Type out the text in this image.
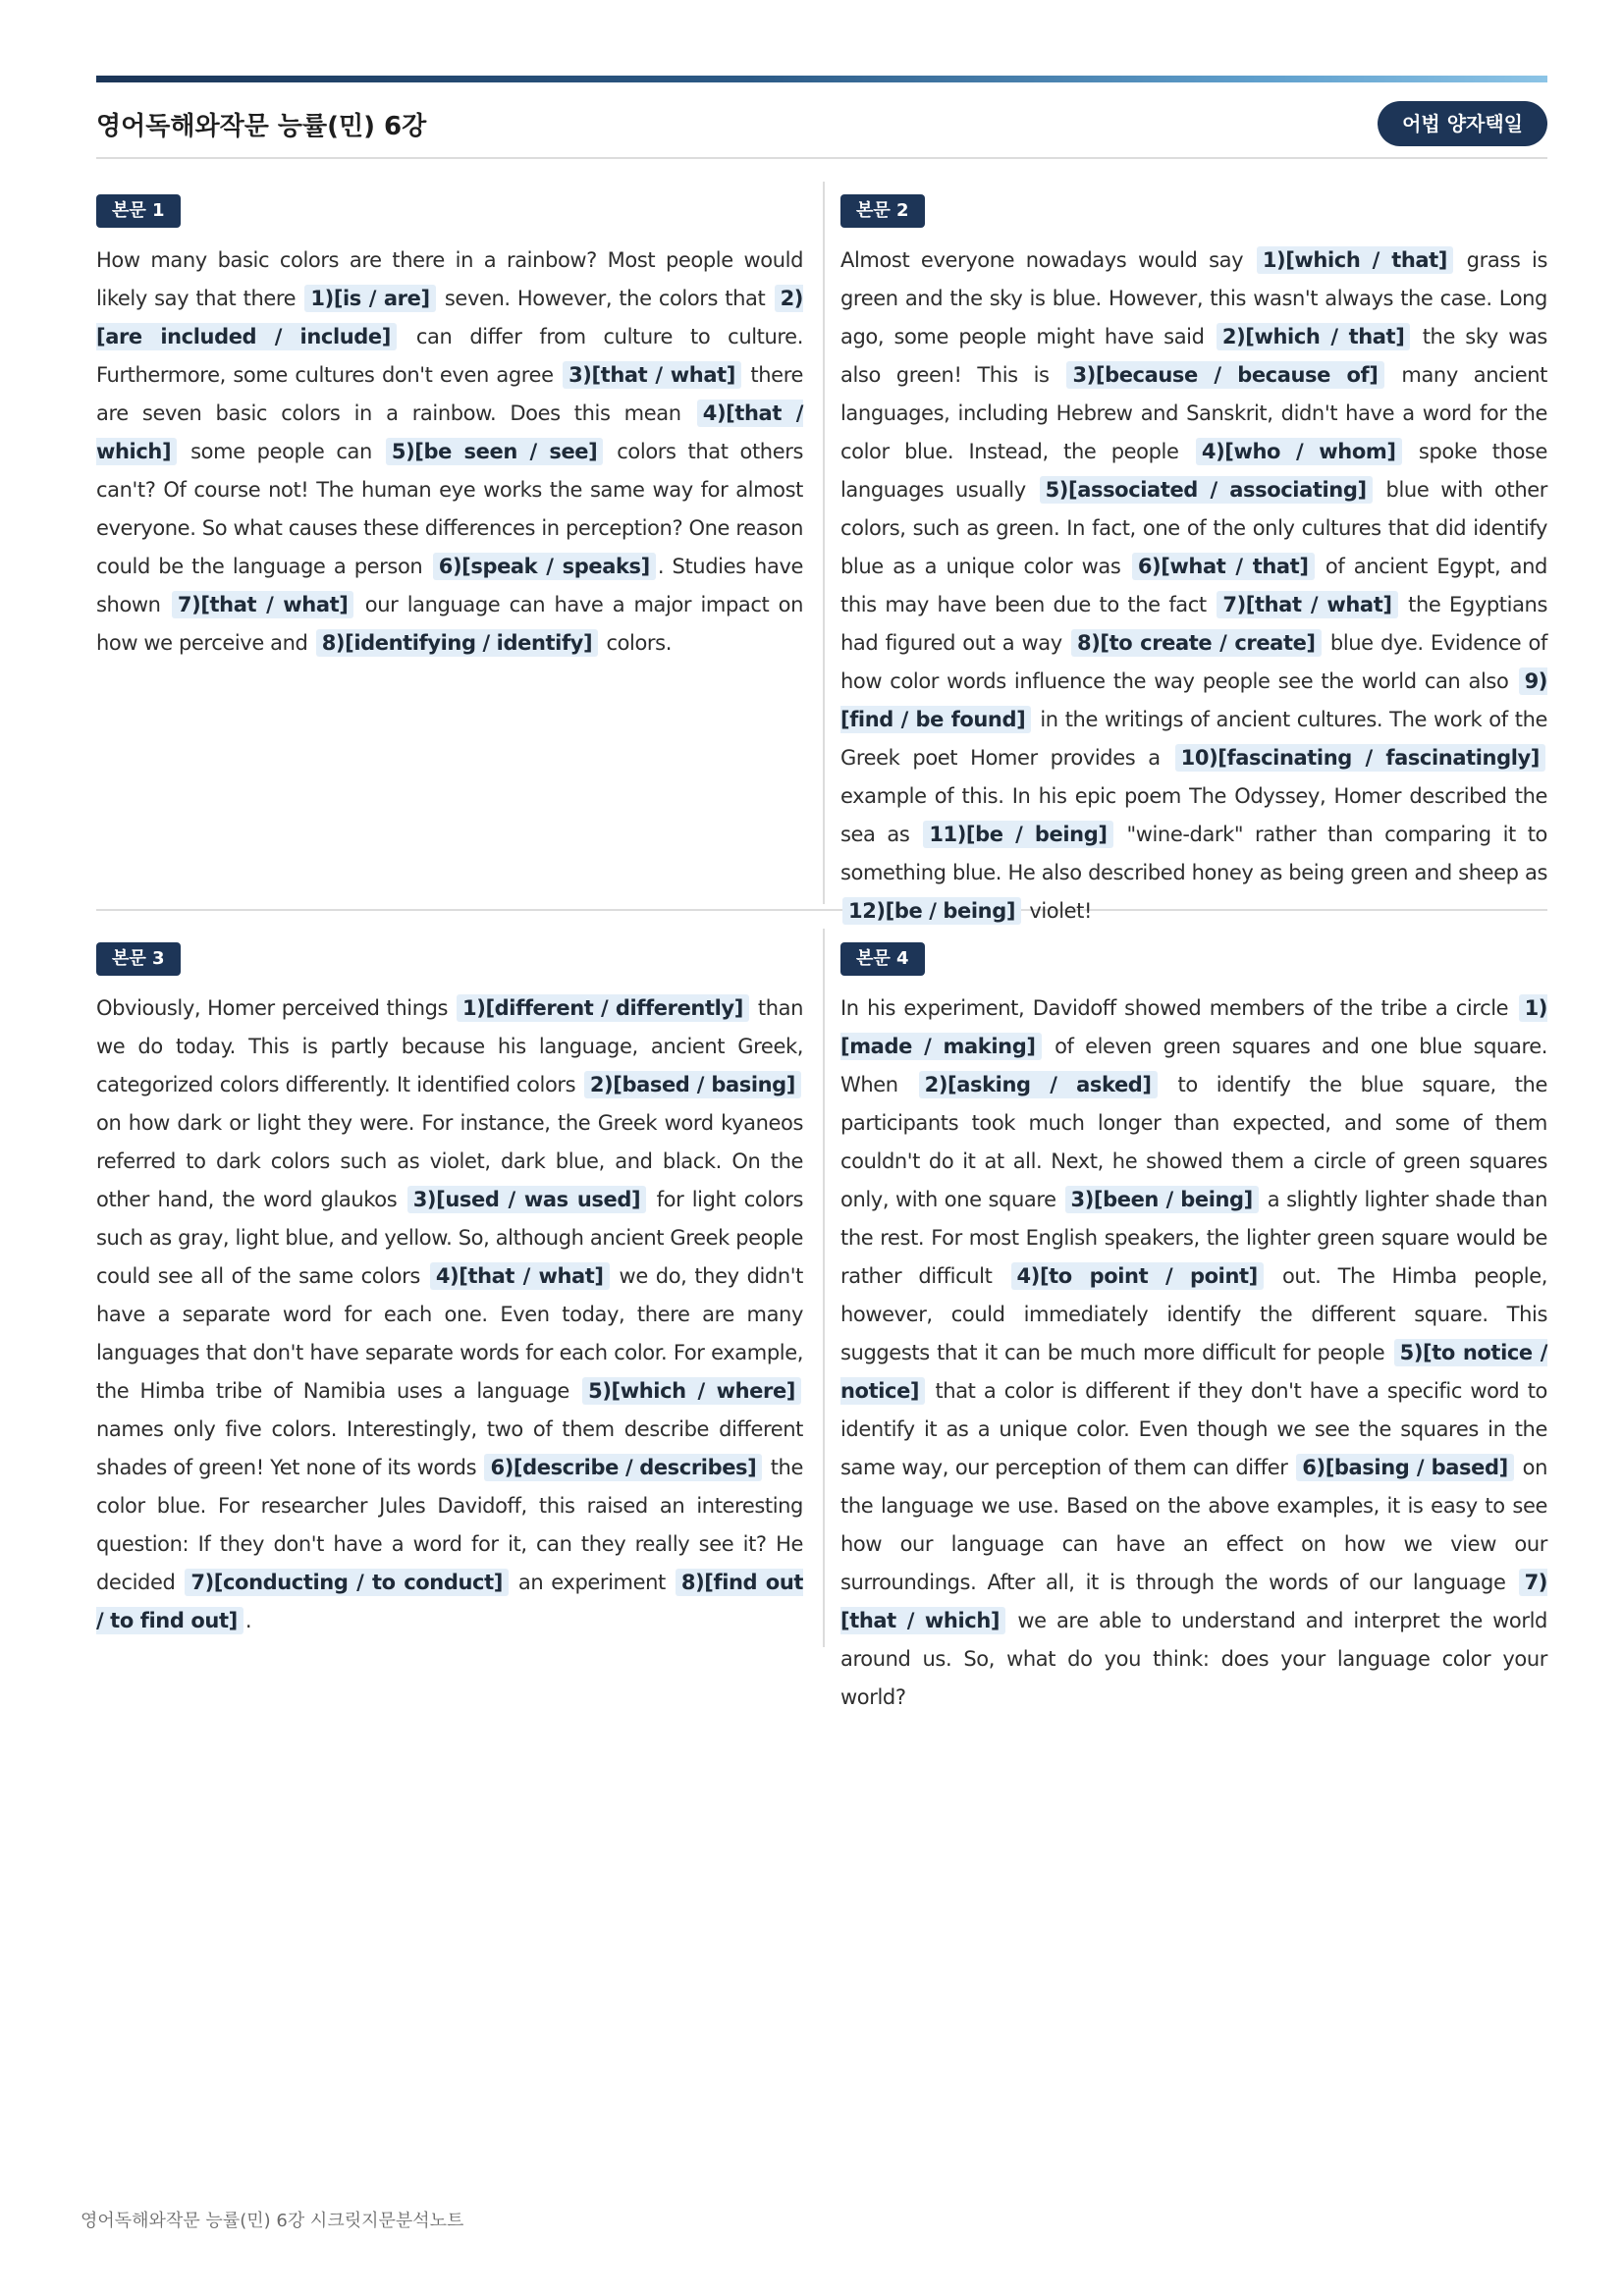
영어독해와작문 능률(민) 6강	어법 양자택일
본문 1

How many basic colors are there in a rainbow? Most people would likely say that there 1)[is / are] seven. However, the colors that 2)[are included / include] can differ from culture to culture. Furthermore, some cultures don't even agree 3)[that / what] there are seven basic colors in a rainbow. Does this mean 4)[that / which] some people can 5)[be seen / see] colors that others can't? Of course not! The human eye works the same way for almost everyone. So what causes these differences in perception? One reason could be the language a person 6)[speak / speaks] . Studies have shown 7)[that / what] our language can have a major impact on how we perceive and 8)[identifying / identify] colors.

본문 2

Almost everyone nowadays would say 1)[which / that] grass is green and the sky is blue. However, this wasn't always the case. Long ago, some people might have said 2)[which / that] the sky was also green! This is 3)[because / because of] many ancient languages, including Hebrew and Sanskrit, didn't have a word for the color blue. Instead, the people 4)[who / whom] spoke those languages usually 5)[associated / associating] blue with other colors, such as green. In fact, one of the only cultures that did identify blue as a unique color was 6)[what / that] of ancient Egypt, and this may have been due to the fact 7)[that / what] the Egyptians had figured out a way 8)[to create / create] blue dye. Evidence of how color words influence the way people see the world can also 9)[find / be found] in the writings of ancient cultures. The work of the Greek poet Homer provides a 10)[fascinating / fascinatingly] example of this. In his epic poem The Odyssey, Homer described the sea as 11)[be / being] "wine-dark" rather than comparing it to something blue. He also described honey as being green and sheep as 12)[be / being] violet!

본문 3

Obviously, Homer perceived things 1)[different / differently] than we do today. This is partly because his language, ancient Greek, categorized colors differently. It identified colors 2)[based / basing] on how dark or light they were. For instance, the Greek word kyaneos referred to dark colors such as violet, dark blue, and black. On the other hand, the word glaukos 3)[used / was used] for light colors such as gray, light blue, and yellow. So, although ancient Greek people could see all of the same colors 4)[that / what] we do, they didn't have a separate word for each one. Even today, there are many languages that don't have separate words for each color. For example, the Himba tribe of Namibia uses a language 5)[which / where] names only five colors. Interestingly, two of them describe different shades of green! Yet none of its words 6)[describe / describes] the color blue. For researcher Jules Davidoff, this raised an interesting question: If they don't have a word for it, can they really see it? He decided 7)[conducting / to conduct] an experiment 8)[find out / to find out] .

본문 4

In his experiment, Davidoff showed members of the tribe a circle 1)[made / making] of eleven green squares and one blue square. When 2)[asking / asked] to identify the blue square, the participants took much longer than expected, and some of them couldn't do it at all. Next, he showed them a circle of green squares only, with one square 3)[been / being] a slightly lighter shade than the rest. For most English speakers, the lighter green square would be rather difficult 4)[to point / point] out. The Himba people, however, could immediately identify the different square. This suggests that it can be much more difficult for people 5)[to notice / notice] that a color is different if they don't have a specific word to identify it as a unique color. Even though we see the squares in the same way, our perception of them can differ 6)[basing / based] on the language we use. Based on the above examples, it is easy to see how our language can have an effect on how we view our surroundings. After all, it is through the words of our language 7)[that / which] we are able to understand and interpret the world around us. So, what do you think: does your language color your world?

영어독해와작문 능률(민) 6강 시크릿지문분석노트
